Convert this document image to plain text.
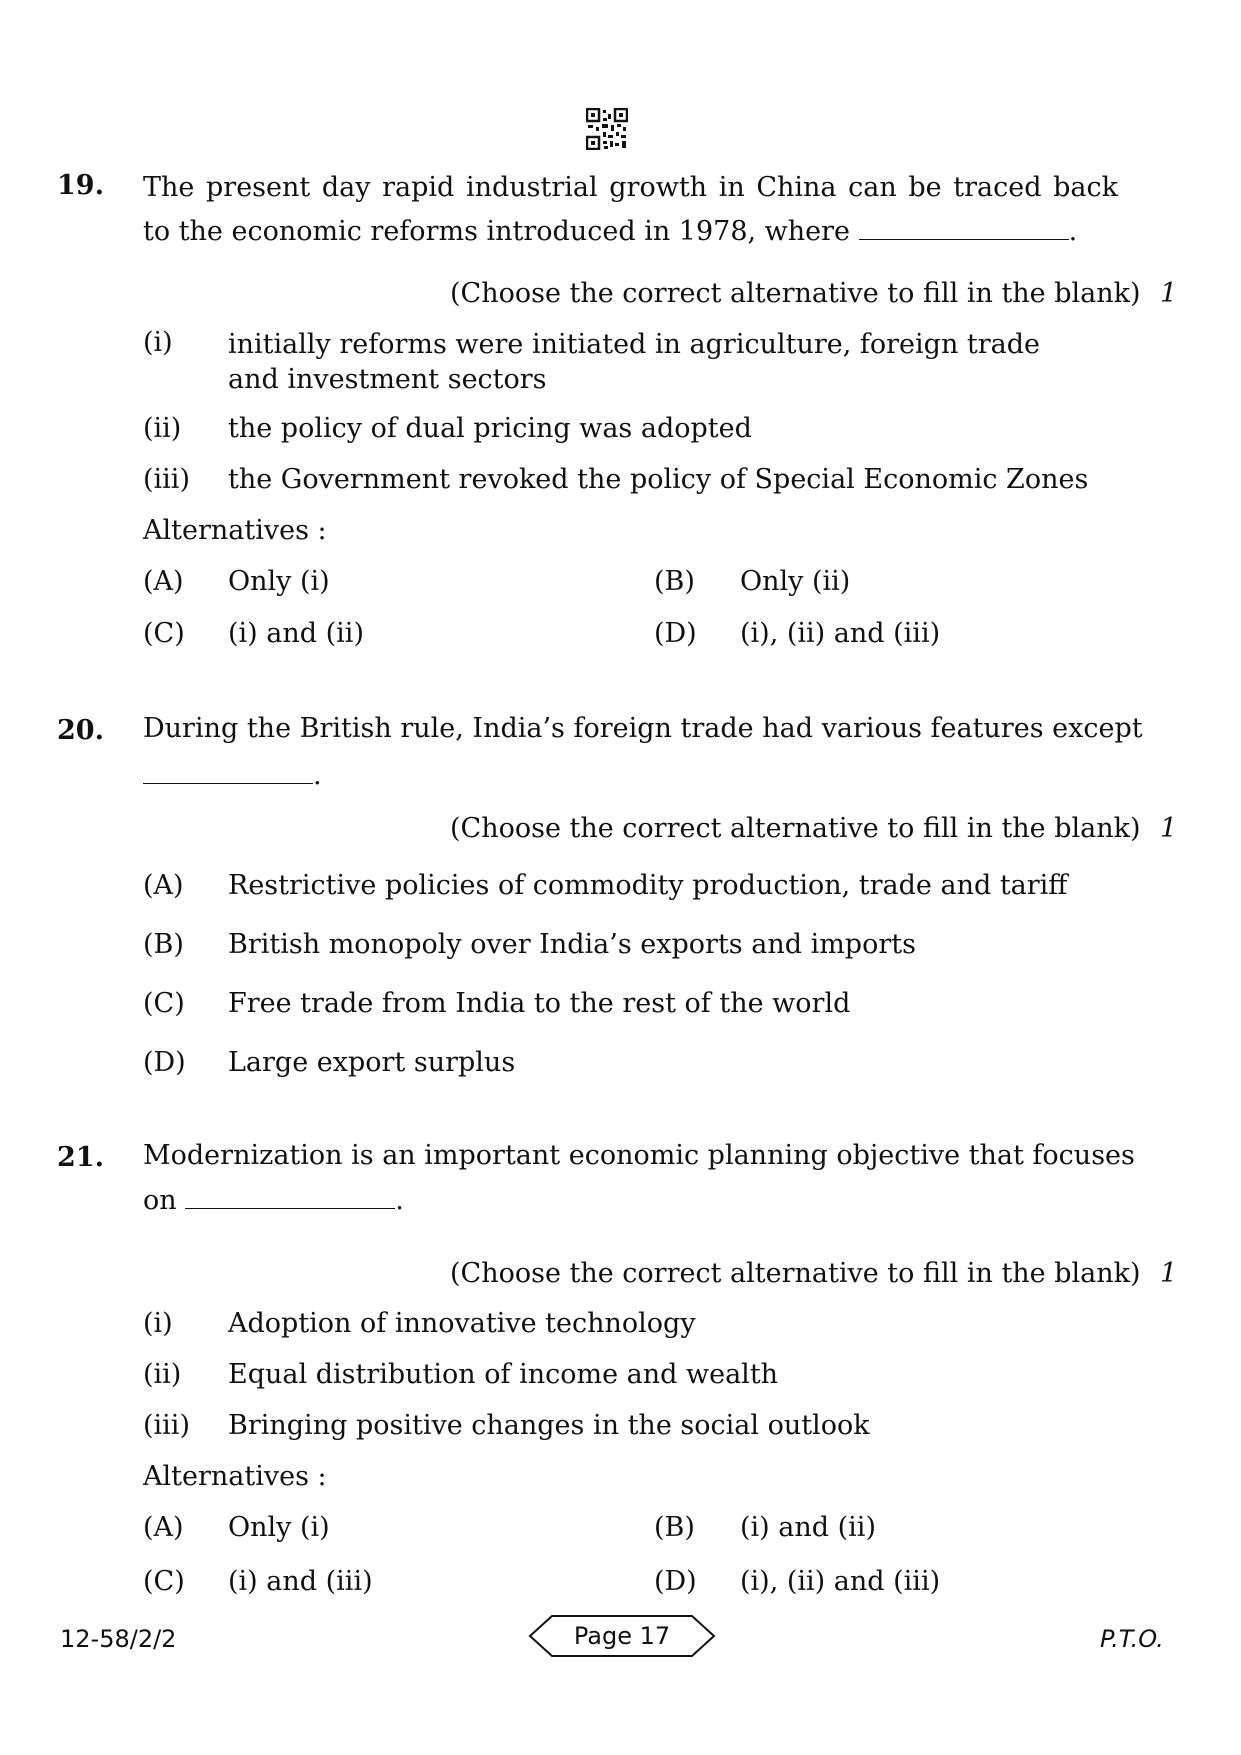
19. The present day rapid industrial growth in China can be traced back to the economic reforms introduced in 1978, where	.
(Choose the correct alternative to fill in the blank) 1
(i) initially reforms were initiated in agriculture, foreign trade and investment sectors
(ii) the policy of dual pricing was adopted
(iii) the Government revoked the policy of Special Economic Zones
Alternatives :
(A) Only (i)	(B) Only (ii)
(C) (i) and (ii)	(D) (i), (ii) and (iii)
20. During the British rule, India’s foreign trade had various features except
.
(Choose the correct alternative to fill in the blank) 1
(A) Restrictive policies of commodity production, trade and tariff
(B) British monopoly over India’s exports and imports
(C) Free trade from India to the rest of the world
(D) Large export surplus
21. Modernization is an important economic planning objective that focuses
on	.
(Choose the correct alternative to fill in the blank) 1
(i) Adoption of innovative technology
(ii) Equal distribution of income and wealth
(iii) Bringing positive changes in the social outlook
Alternatives :
(A) Only (i)	(B) (i) and (ii)
(C) (i) and (iii)	(D) (i), (ii) and (iii)
12-58/2/2	Page 17	P.T.O.
